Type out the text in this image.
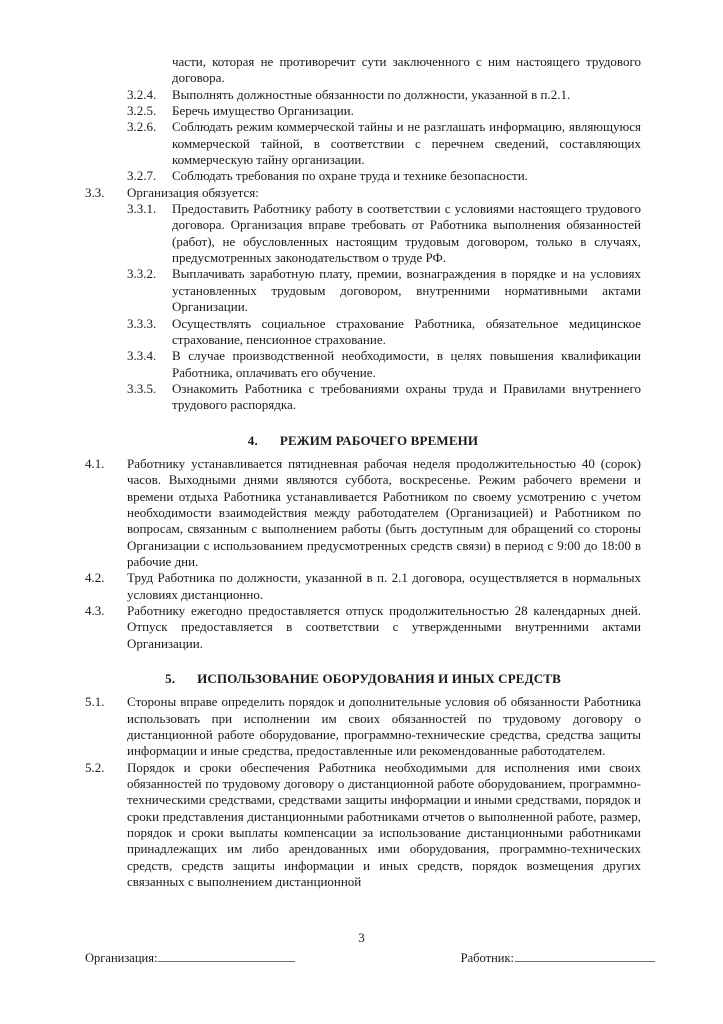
части, которая не противоречит сути заключенного с ним настоящего трудового договора.
3.2.4.	Выполнять должностные обязанности по должности, указанной в п.2.1.
3.2.5.	Беречь имущество Организации.
3.2.6.	Соблюдать режим коммерческой тайны и не разглашать информацию, являющуюся коммерческой тайной, в соответствии с перечнем сведений, составляющих коммерческую тайну организации.
3.2.7.	Соблюдать требования по охране труда и технике безопасности.
3.3.	Организация обязуется:
3.3.1.	Предоставить Работнику работу в соответствии с условиями настоящего трудового договора. Организация вправе требовать от Работника выполнения обязанностей (работ), не обусловленных настоящим трудовым договором, только в случаях, предусмотренных законодательством о труде РФ.
3.3.2.	Выплачивать заработную плату, премии, вознаграждения в порядке и на условиях установленных трудовым договором, внутренними нормативными актами Организации.
3.3.3.	Осуществлять социальное страхование Работника, обязательное медицинское страхование, пенсионное страхование.
3.3.4.	В случае производственной необходимости, в целях повышения квалификации Работника, оплачивать его обучение.
3.3.5.	Ознакомить Работника с требованиями охраны труда и Правилами внутреннего трудового распорядка.
4. РЕЖИМ РАБОЧЕГО ВРЕМЕНИ
4.1.	Работнику устанавливается пятидневная рабочая неделя продолжительностью 40 (сорок) часов. Выходными днями являются суббота, воскресенье. Режим рабочего времени и времени отдыха Работника устанавливается Работником по своему усмотрению с учетом необходимости взаимодействия между работодателем (Организацией) и Работником по вопросам, связанным с выполнением работы (быть доступным для обращений со стороны Организации с использованием предусмотренных средств связи) в период с 9:00 до 18:00 в рабочие дни.
4.2.	Труд Работника по должности, указанной в п. 2.1 договора, осуществляется в нормальных условиях дистанционно.
4.3.	Работнику ежегодно предоставляется отпуск продолжительностью 28 календарных дней. Отпуск предоставляется в соответствии с утвержденными внутренними актами Организации.
5. ИСПОЛЬЗОВАНИЕ ОБОРУДОВАНИЯ И ИНЫХ СРЕДСТВ
5.1.	Стороны вправе определить порядок и дополнительные условия об обязанности Работника использовать при исполнении им своих обязанностей по трудовому договору о дистанционной работе оборудование, программно-технические средства, средства защиты информации и иные средства, предоставленные или рекомендованные работодателем.
5.2.	Порядок и сроки обеспечения Работника необходимыми для исполнения ими своих обязанностей по трудовому договору о дистанционной работе оборудованием, программно-техническими средствами, средствами защиты информации и иными средствами, порядок и сроки представления дистанционными работниками отчетов о выполненной работе, размер, порядок и сроки выплаты компенсации за использование дистанционными работниками принадлежащих им либо арендованных ими оборудования, программно-технических средств, средств защиты информации и иных средств, порядок возмещения других связанных с выполнением дистанционной
3
Организация:	Работник:
